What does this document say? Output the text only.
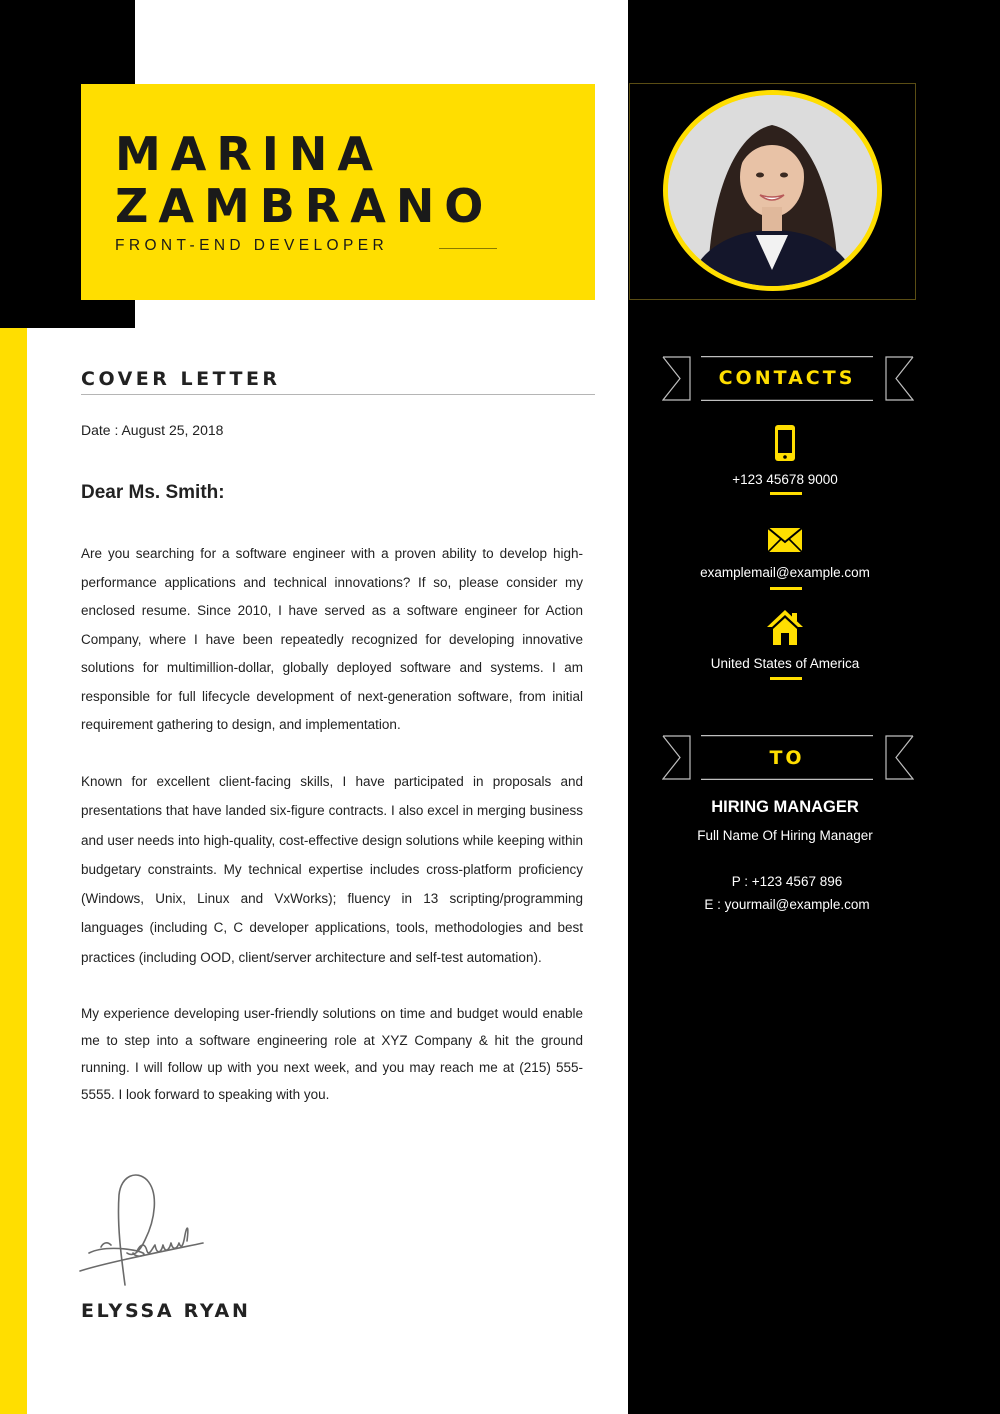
MARINA
ZAMBRANO
FRONT-END DEVELOPER
COVER LETTER
Date : August 25, 2018
Dear Ms. Smith:

Are you searching for a software engineer with a proven ability to develop high-performance applications and technical innovations? If so, please consider my enclosed resume. Since 2010, I have served as a software engineer for Action Company, where I have been repeatedly recognized for developing innovative solutions for multimillion-dollar, globally deployed software and systems. I am responsible for full lifecycle development of next-generation software, from initial requirement gathering to design, and implementation.

Known for excellent client-facing skills, I have participated in proposals and presentations that have landed six-figure contracts. I also excel in merging business and user needs into high-quality, cost-effective design solutions while keeping within budgetary constraints. My technical expertise includes cross-platform proficiency (Windows, Unix, Linux and VxWorks); fluency in 13 scripting/programming languages (including C, C developer applications, tools, methodologies and best practices (including OOD, client/server architecture and self-test automation).

My experience developing user-friendly solutions on time and budget would enable me to step into a software engineering role at XYZ Company & hit the ground running. I will follow up with you next week, and you may reach me at (215) 555-5555. I look forward to speaking with you.

ELYSSA RYAN
CONTACTS
+123 45678 9000
examplemail@example.com
United States of America
TO
HIRING MANAGER
Full Name Of Hiring Manager
P : +123 4567 896
E : yourmail@example.com
